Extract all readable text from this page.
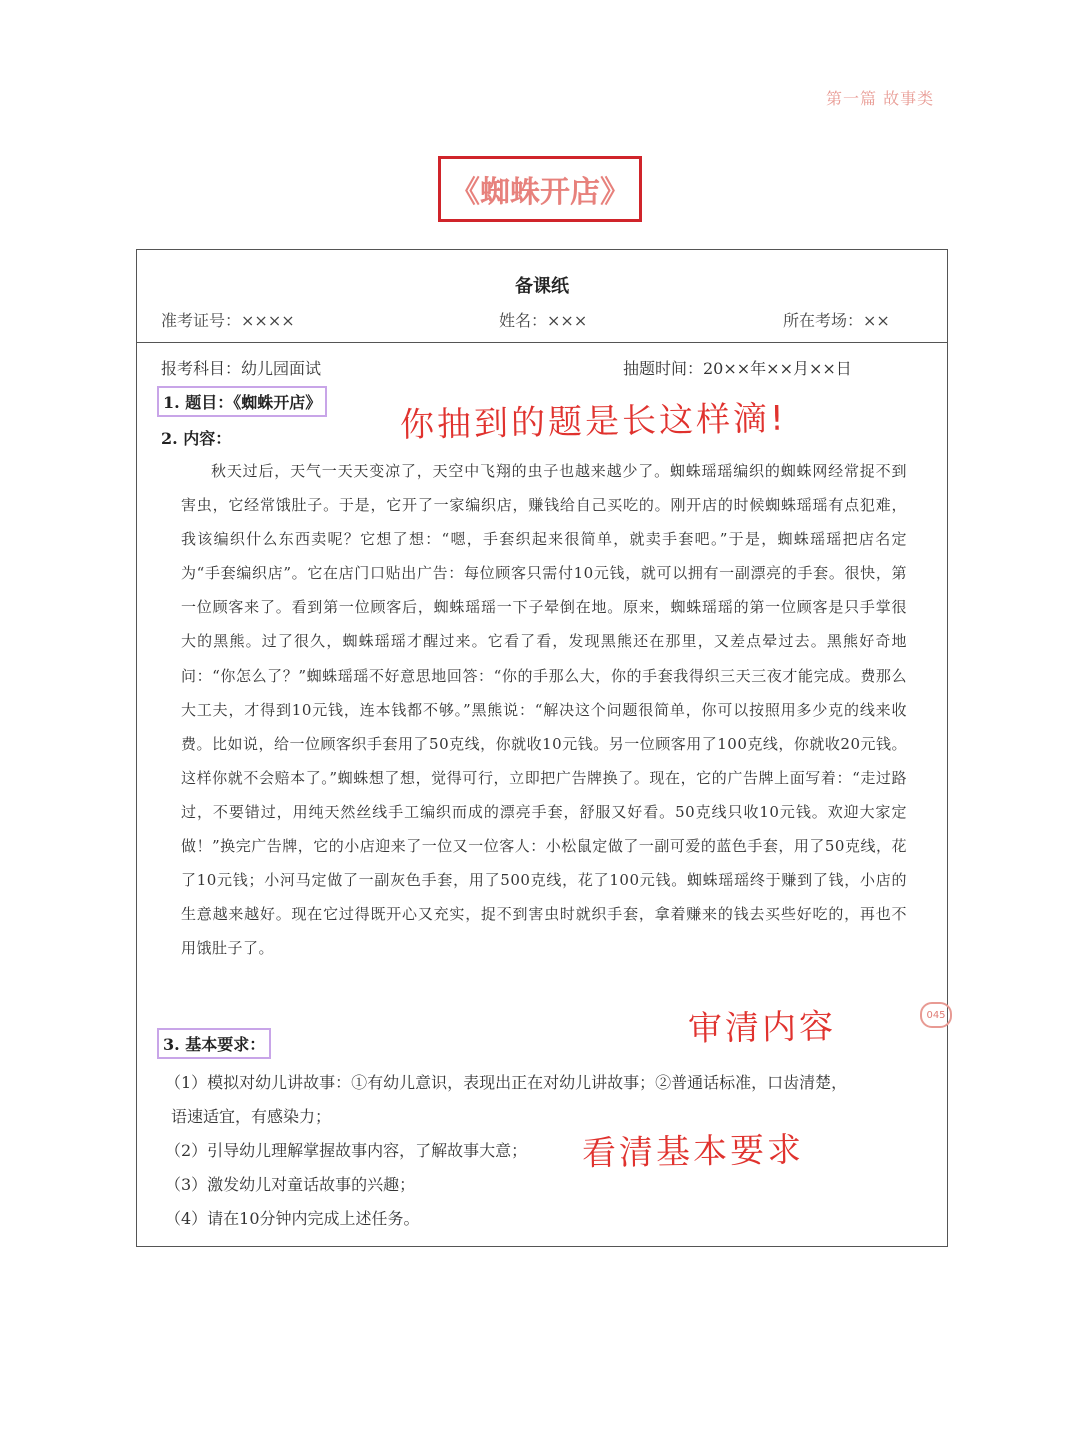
第一篇 故事类
《蜘蛛开店》
备课纸
准考证号：××××	姓名：×××	所在考场：××
报考科目：幼儿园面试	抽题时间：20××年××月××日
1. 题目：《蜘蛛开店》
2. 内容：
秋天过后，天气一天天变凉了，天空中飞翔的虫子也越来越少了。蜘蛛瑶瑶编织的蜘蛛网经常捉不到害虫，它经常饿肚子。于是，它开了一家编织店，赚钱给自己买吃的。刚开店的时候蜘蛛瑶瑶有点犯难，我该编织什么东西卖呢？它想了想：“嗯，手套织起来很简单，就卖手套吧。”于是，蜘蛛瑶瑶把店名定为“手套编织店”。它在店门口贴出广告：每位顾客只需付10元钱，就可以拥有一副漂亮的手套。很快，第一位顾客来了。看到第一位顾客后，蜘蛛瑶瑶一下子晕倒在地。原来，蜘蛛瑶瑶的第一位顾客是只手掌很大的黑熊。过了很久，蜘蛛瑶瑶才醒过来。它看了看，发现黑熊还在那里，又差点晕过去。黑熊好奇地问：“你怎么了？”蜘蛛瑶瑶不好意思地回答：“你的手那么大，你的手套我得织三天三夜才能完成。费那么大工夫，才得到10元钱，连本钱都不够。”黑熊说：“解决这个问题很简单，你可以按照用多少克的线来收费。比如说，给一位顾客织手套用了50克线，你就收10元钱。另一位顾客用了100克线，你就收20元钱。这样你就不会赔本了。”蜘蛛想了想，觉得可行，立即把广告牌换了。现在，它的广告牌上面写着：“走过路过，不要错过，用纯天然丝线手工编织而成的漂亮手套，舒服又好看。50克线只收10元钱。欢迎大家定做！”换完广告牌，它的小店迎来了一位又一位客人：小松鼠定做了一副可爱的蓝色手套，用了50克线，花了10元钱；小河马定做了一副灰色手套，用了500克线，花了100元钱。蜘蛛瑶瑶终于赚到了钱，小店的生意越来越好。现在它过得既开心又充实，捉不到害虫时就织手套，拿着赚来的钱去买些好吃的，再也不用饿肚子了。
3. 基本要求：
（1）模拟对幼儿讲故事：①有幼儿意识，表现出正在对幼儿讲故事；②普通话标准，口齿清楚，
语速适宜，有感染力；
（2）引导幼儿理解掌握故事内容，了解故事大意；
（3）激发幼儿对童话故事的兴趣；
（4）请在10分钟内完成上述任务。
你抽到的题是长这样滴!
审清内容
看清基本要求
045
